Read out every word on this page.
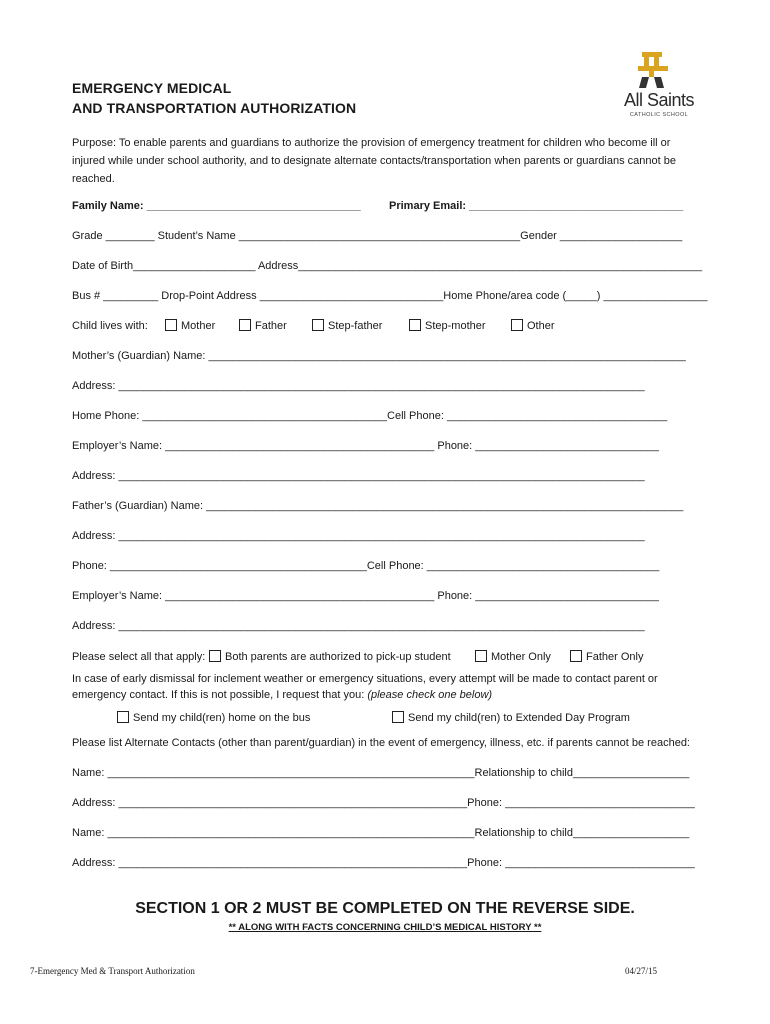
EMERGENCY MEDICAL
AND TRANSPORTATION AUTHORIZATION	All Saints
CATHOLIC SCHOOL
Purpose: To enable parents and guardians to authorize the provision of emergency treatment for children who become ill or injured while under school authority, and to designate alternate contacts/transportation when parents or guardians cannot be reached.
Family Name: ___________________________________	Primary Email: ___________________________________
Grade ________ Student’s Name ______________________________________________Gender ____________________
Date of Birth____________________ Address__________________________________________________________________
Bus # _________ Drop-Point Address ______________________________Home Phone/area code (_____) _________________
Child lives with:	Mother	Father	Step-father	Step-mother	Other
Mother’s (Guardian) Name: ______________________________________________________________________________
Address: ______________________________________________________________________________________
Home Phone: ________________________________________Cell Phone: ____________________________________
Employer’s Name: ____________________________________________ Phone: ______________________________
Address: ______________________________________________________________________________________
Father’s (Guardian) Name: ______________________________________________________________________________
Address: ______________________________________________________________________________________
Phone: __________________________________________Cell Phone: ______________________________________
Employer’s Name: ____________________________________________ Phone: ______________________________
Address: ______________________________________________________________________________________
Please select all that apply:	Both parents are authorized to pick-up student	Mother Only	Father Only
In case of early dismissal for inclement weather or emergency situations, every attempt will be made to contact parent or emergency contact. If this is not possible, I request that you: (please check one below)
Send my child(ren) home on the bus	Send my child(ren) to Extended Day Program
Please list Alternate Contacts (other than parent/guardian) in the event of emergency, illness, etc. if parents cannot be reached:
Name: ____________________________________________________________Relationship to child___________________
Address: _________________________________________________________Phone: _______________________________
Name: ____________________________________________________________Relationship to child___________________
Address: _________________________________________________________Phone: _______________________________
SECTION 1 OR 2 MUST BE COMPLETED ON THE REVERSE SIDE.
** ALONG WITH FACTS CONCERNING CHILD’S MEDICAL HISTORY **
7-Emergency Med & Transport Authorization	04/27/15
